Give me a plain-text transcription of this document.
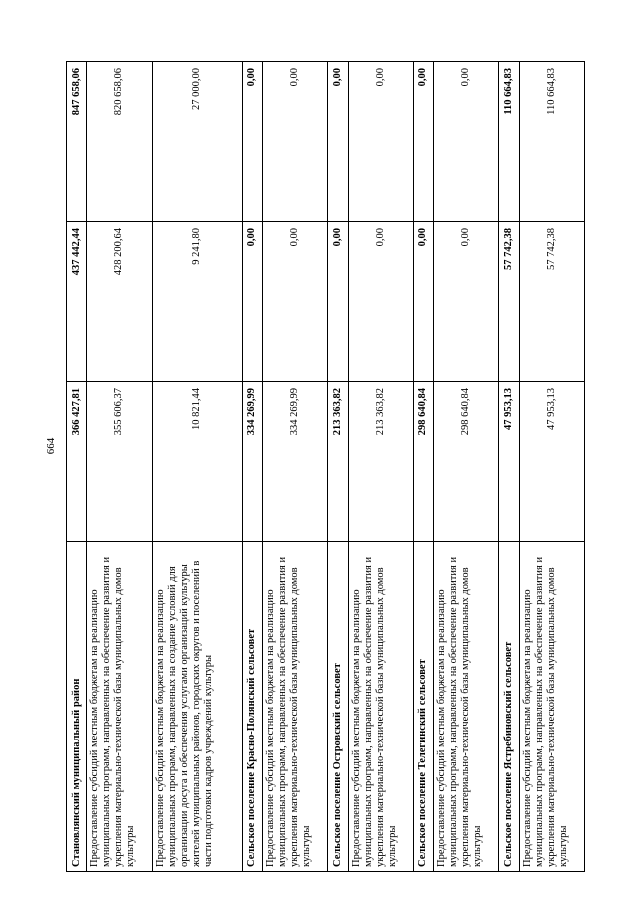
664
Становлянский муниципальный район	366 427,81	437 442,44	847 658,06
Предоставление субсидий местным бюджетам на реализацию муниципальных программ, направленных на обеспечение развития и укрепления материально-технической базы муниципальных домов культуры	355 606,37	428 200,64	820 658,06
Предоставление субсидий местным бюджетам на реализацию муниципальных программ, направленных на создание условий для организации досуга и обеспечения услугами организаций культуры жителей муниципальных районов, городских округов и поселений в части подготовки кадров учреждений культуры	10 821,44	9 241,80	27 000,00
Сельское поселение Красно-Полянский сельсовет	334 269,99	0,00	0,00
Предоставление субсидий местным бюджетам на реализацию муниципальных программ, направленных на обеспечение развития и укрепления материально-технической базы муниципальных домов культуры	334 269,99	0,00	0,00
Сельское поселение Островский сельсовет	213 363,82	0,00	0,00
Предоставление субсидий местным бюджетам на реализацию муниципальных программ, направленных на обеспечение развития и укрепления материально-технической базы муниципальных домов культуры	213 363,82	0,00	0,00
Сельское поселение Телегинский сельсовет	298 640,84	0,00	0,00
Предоставление субсидий местным бюджетам на реализацию муниципальных программ, направленных на обеспечение развития и укрепления материально-технической базы муниципальных домов культуры	298 640,84	0,00	0,00
Сельское поселение Ястребиновский сельсовет	47 953,13	57 742,38	110 664,83
Предоставление субсидий местным бюджетам на реализацию муниципальных программ, направленных на обеспечение развития и укрепления материально-технической базы муниципальных домов культуры	47 953,13	57 742,38	110 664,83
